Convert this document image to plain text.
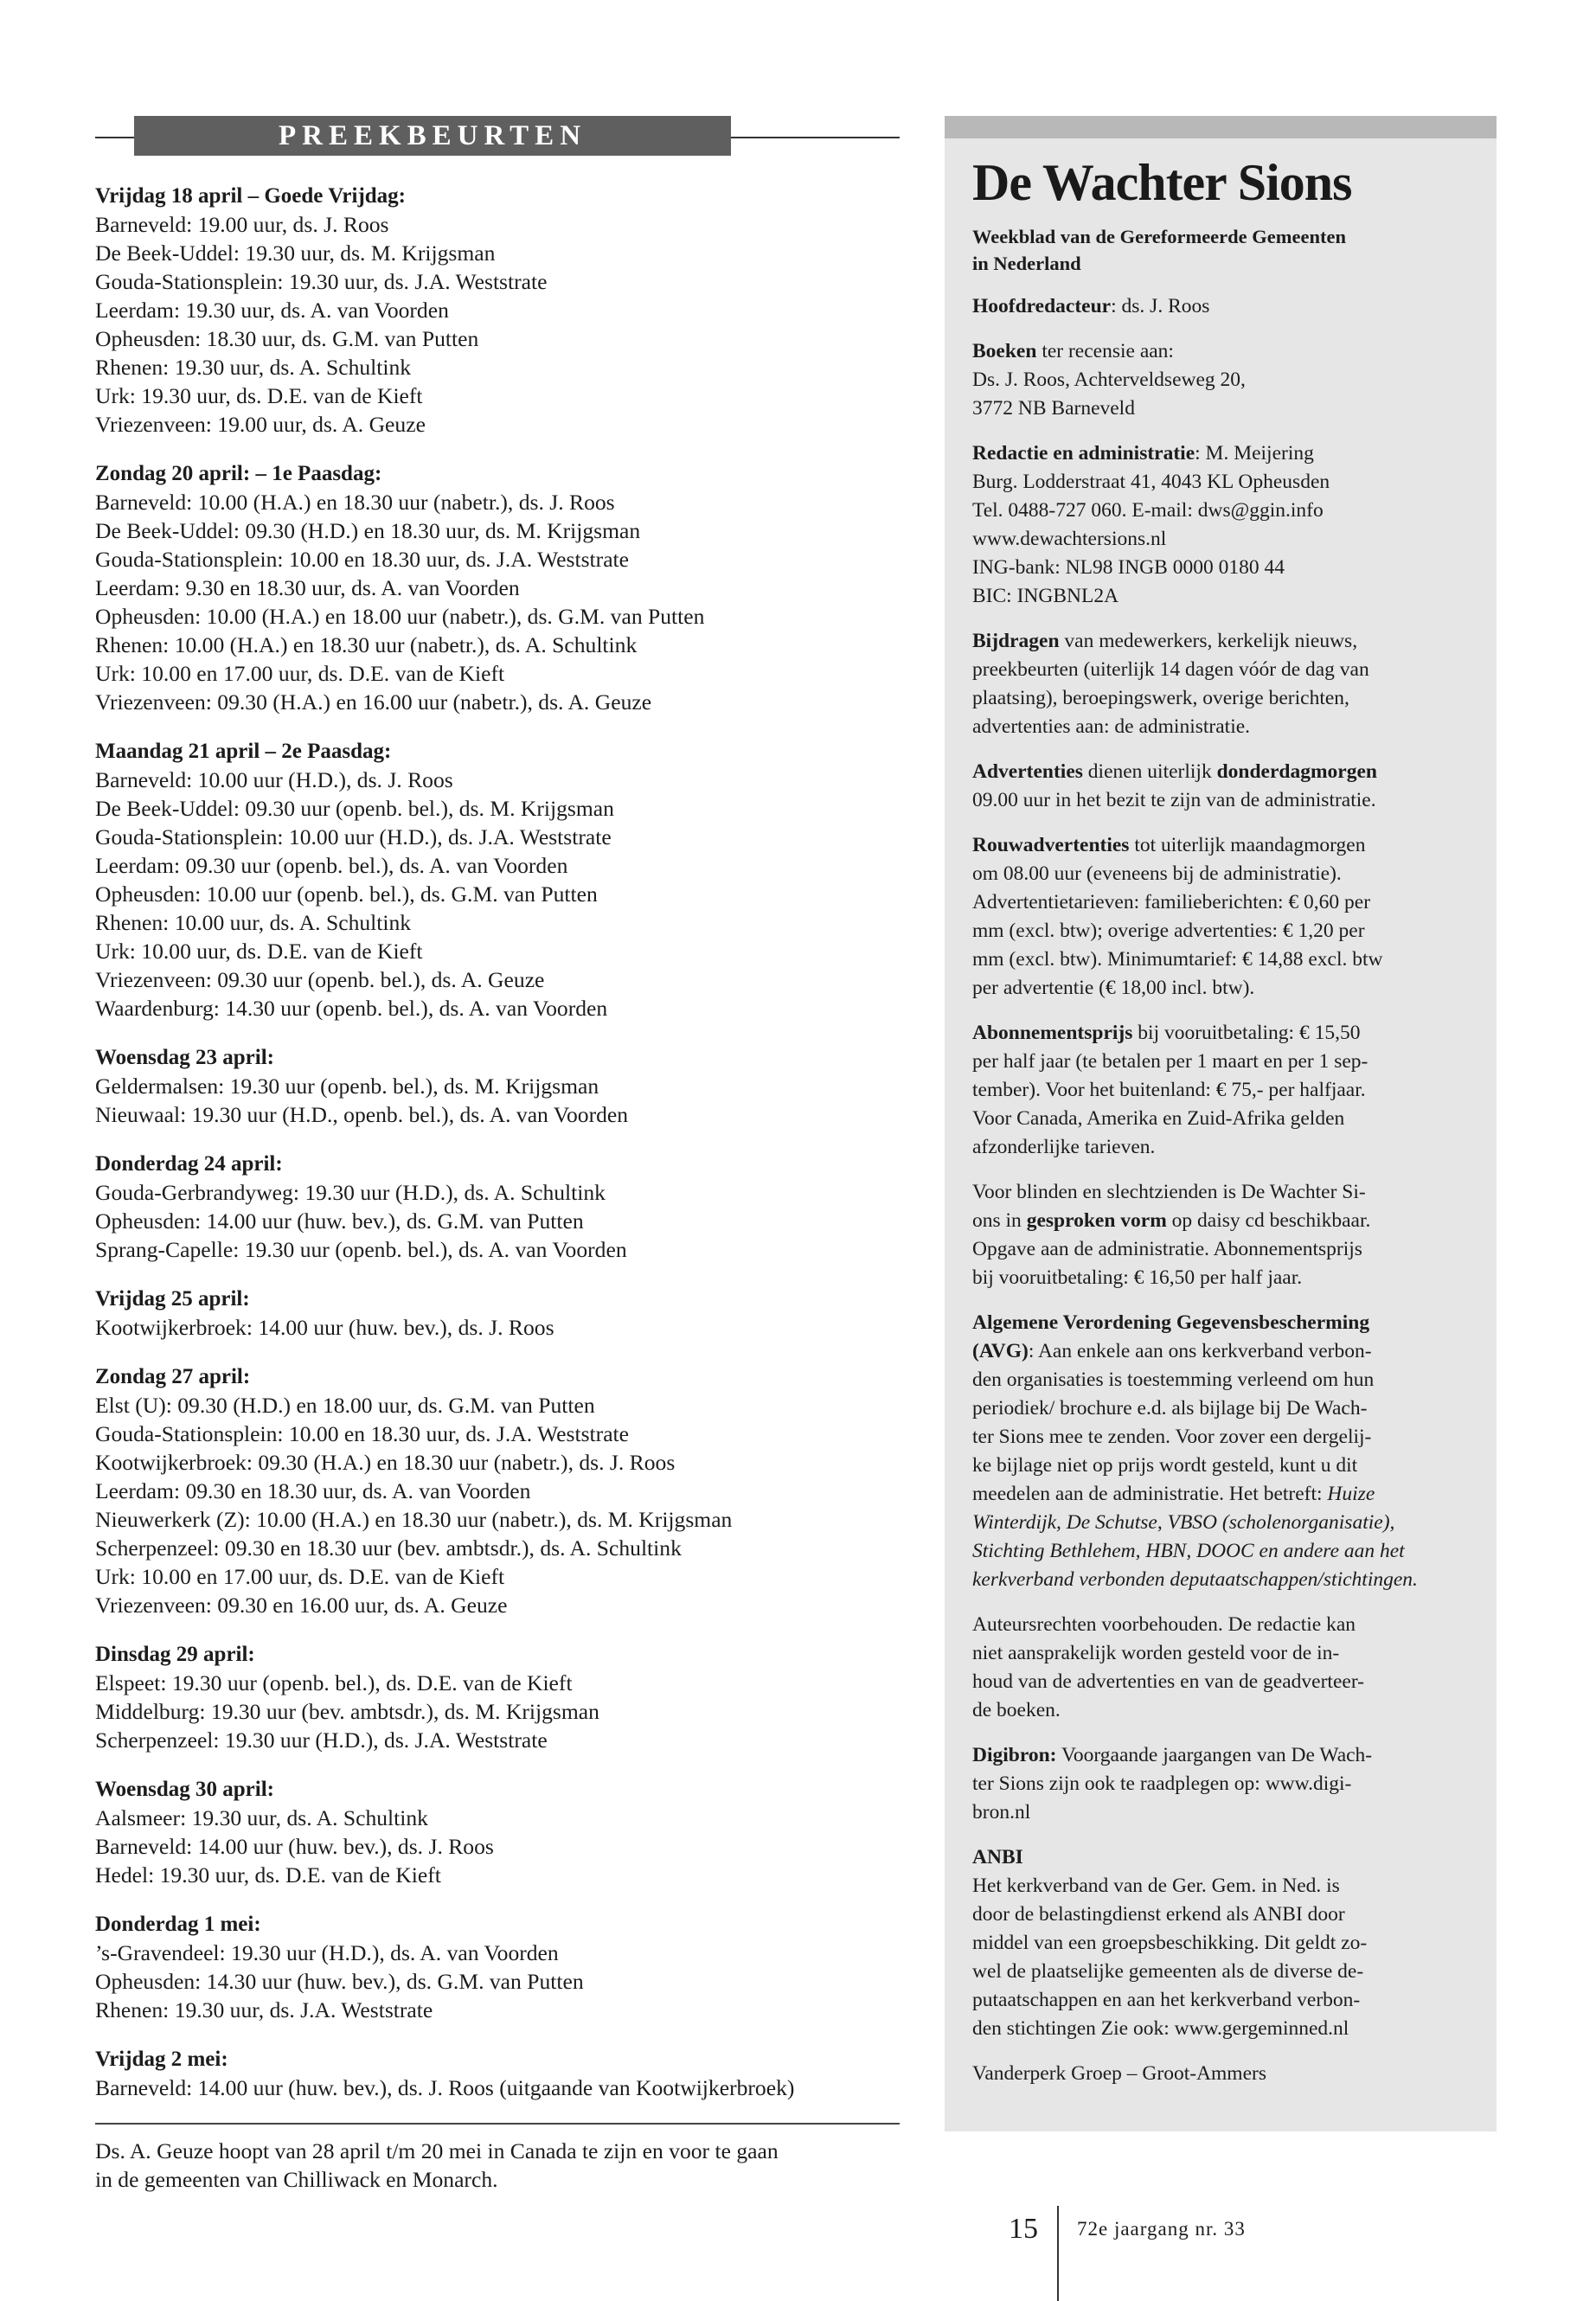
PREEKBEURTEN
Vrijdag 18 april – Goede Vrijdag:
Barneveld: 19.00 uur, ds. J. Roos
De Beek-Uddel: 19.30 uur, ds. M. Krijgsman
Gouda-Stationsplein: 19.30 uur, ds. J.A. Weststrate
Leerdam: 19.30 uur, ds. A. van Voorden
Opheusden: 18.30 uur, ds. G.M. van Putten
Rhenen: 19.30 uur, ds. A. Schultink
Urk: 19.30 uur, ds. D.E. van de Kieft
Vriezenveen: 19.00 uur, ds. A. Geuze
Zondag 20 april: – 1e Paasdag:
Barneveld: 10.00 (H.A.) en 18.30 uur (nabetr.), ds. J. Roos
De Beek-Uddel: 09.30 (H.D.) en 18.30 uur, ds. M. Krijgsman
Gouda-Stationsplein: 10.00 en 18.30 uur, ds. J.A. Weststrate
Leerdam: 9.30 en 18.30 uur, ds. A. van Voorden
Opheusden: 10.00 (H.A.) en 18.00 uur (nabetr.), ds. G.M. van Putten
Rhenen: 10.00 (H.A.) en 18.30 uur (nabetr.), ds. A. Schultink
Urk: 10.00 en 17.00 uur, ds. D.E. van de Kieft
Vriezenveen: 09.30 (H.A.) en 16.00 uur (nabetr.), ds. A. Geuze
Maandag 21 april – 2e Paasdag:
Barneveld: 10.00 uur (H.D.), ds. J. Roos
De Beek-Uddel: 09.30 uur (openb. bel.), ds. M. Krijgsman
Gouda-Stationsplein: 10.00 uur (H.D.), ds. J.A. Weststrate
Leerdam: 09.30 uur (openb. bel.), ds. A. van Voorden
Opheusden: 10.00 uur (openb. bel.), ds. G.M. van Putten
Rhenen: 10.00 uur, ds. A. Schultink
Urk: 10.00 uur, ds. D.E. van de Kieft
Vriezenveen: 09.30 uur (openb. bel.), ds. A. Geuze
Waardenburg: 14.30 uur (openb. bel.), ds. A. van Voorden
Woensdag 23 april:
Geldermalsen: 19.30 uur (openb. bel.), ds. M. Krijgsman
Nieuwaal: 19.30 uur (H.D., openb. bel.), ds. A. van Voorden
Donderdag 24 april:
Gouda-Gerbrandyweg: 19.30 uur (H.D.), ds. A. Schultink
Opheusden: 14.00 uur (huw. bev.), ds. G.M. van Putten
Sprang-Capelle: 19.30 uur (openb. bel.), ds. A. van Voorden
Vrijdag 25 april:
Kootwijkerbroek: 14.00 uur (huw. bev.), ds. J. Roos
Zondag 27 april:
Elst (U): 09.30 (H.D.) en 18.00 uur, ds. G.M. van Putten
Gouda-Stationsplein: 10.00 en 18.30 uur, ds. J.A. Weststrate
Kootwijkerbroek: 09.30 (H.A.) en 18.30 uur (nabetr.), ds. J. Roos
Leerdam: 09.30 en 18.30 uur, ds. A. van Voorden
Nieuwerkerk (Z): 10.00 (H.A.) en 18.30 uur (nabetr.), ds. M. Krijgsman
Scherpenzeel: 09.30 en 18.30 uur (bev. ambtsdr.), ds. A. Schultink
Urk: 10.00 en 17.00 uur, ds. D.E. van de Kieft
Vriezenveen: 09.30 en 16.00 uur, ds. A. Geuze
Dinsdag 29 april:
Elspeet: 19.30 uur (openb. bel.), ds. D.E. van de Kieft
Middelburg: 19.30 uur (bev. ambtsdr.), ds. M. Krijgsman
Scherpenzeel: 19.30 uur (H.D.), ds. J.A. Weststrate
Woensdag 30 april:
Aalsmeer: 19.30 uur, ds. A. Schultink
Barneveld: 14.00 uur (huw. bev.), ds. J. Roos
Hedel: 19.30 uur, ds. D.E. van de Kieft
Donderdag 1 mei:
’s-Gravendeel: 19.30 uur (H.D.), ds. A. van Voorden
Opheusden: 14.30 uur (huw. bev.), ds. G.M. van Putten
Rhenen: 19.30 uur, ds. J.A. Weststrate
Vrijdag 2 mei:
Barneveld: 14.00 uur (huw. bev.), ds. J. Roos (uitgaande van Kootwijkerbroek)
Ds. A. Geuze hoopt van 28 april t/m 20 mei in Canada te zijn en voor te gaan
in de gemeenten van Chilliwack en Monarch.
De Wachter Sions
Weekblad van de Gereformeerde Gemeenten
in Nederland
Hoofdredacteur: ds. J. Roos
Boeken ter recensie aan:
Ds. J. Roos, Achterveldseweg 20,
3772 NB Barneveld
Redactie en administratie: M. Meijering
Burg. Lodderstraat 41, 4043 KL Opheusden
Tel. 0488-727 060. E-mail: dws@ggin.info
www.dewachtersions.nl
ING-bank: NL98 INGB 0000 0180 44
BIC: INGBNL2A
Bijdragen van medewerkers, kerkelijk nieuws,
preekbeurten (uiterlijk 14 dagen vóór de dag van
plaatsing), beroepingswerk, overige berichten,
advertenties aan: de administratie.
Advertenties dienen uiterlijk donderdagmorgen
09.00 uur in het bezit te zijn van de administratie.
Rouwadvertenties tot uiterlijk maandagmorgen
om 08.00 uur (eveneens bij de administratie).
Advertentietarieven: familieberichten: € 0,60 per
mm (excl. btw); overige advertenties: € 1,20 per
mm (excl. btw). Minimumtarief: € 14,88 excl. btw
per advertentie (€ 18,00 incl. btw).
Abonnementsprijs bij vooruitbetaling: € 15,50
per half jaar (te betalen per 1 maart en per 1 sep-
tember). Voor het buitenland: € 75,- per halfjaar.
Voor Canada, Amerika en Zuid-Afrika gelden
afzonderlijke tarieven.
Voor blinden en slechtzienden is De Wachter Si-
ons in gesproken vorm op daisy cd beschikbaar.
Opgave aan de administratie. Abonnementsprijs
bij vooruitbetaling: € 16,50 per half jaar.
Algemene Verordening Gegevensbescherming
(AVG): Aan enkele aan ons kerkverband verbon-
den organisaties is toestemming verleend om hun
periodiek/ brochure e.d. als bijlage bij De Wach-
ter Sions mee te zenden. Voor zover een dergelij-
ke bijlage niet op prijs wordt gesteld, kunt u dit
meedelen aan de administratie. Het betreft: Huize
Winterdijk, De Schutse, VBSO (scholenorganisatie),
Stichting Bethlehem, HBN, DOOC en andere aan het
kerkverband verbonden deputaatschappen/stichtingen.
Auteursrechten voorbehouden. De redactie kan
niet aansprakelijk worden gesteld voor de in-
houd van de advertenties en van de geadverteer-
de boeken.
Digibron: Voorgaande jaargangen van De Wach-
ter Sions zijn ook te raadplegen op: www.digi-
bron.nl
ANBI
Het kerkverband van de Ger. Gem. in Ned. is
door de belastingdienst erkend als ANBI door
middel van een groepsbeschikking. Dit geldt zo-
wel de plaatselijke gemeenten als de diverse de-
putaatschappen en aan het kerkverband verbon-
den stichtingen Zie ook: www.gergeminned.nl
Vanderperk Groep – Groot-Ammers
15 72e jaargang nr. 33
